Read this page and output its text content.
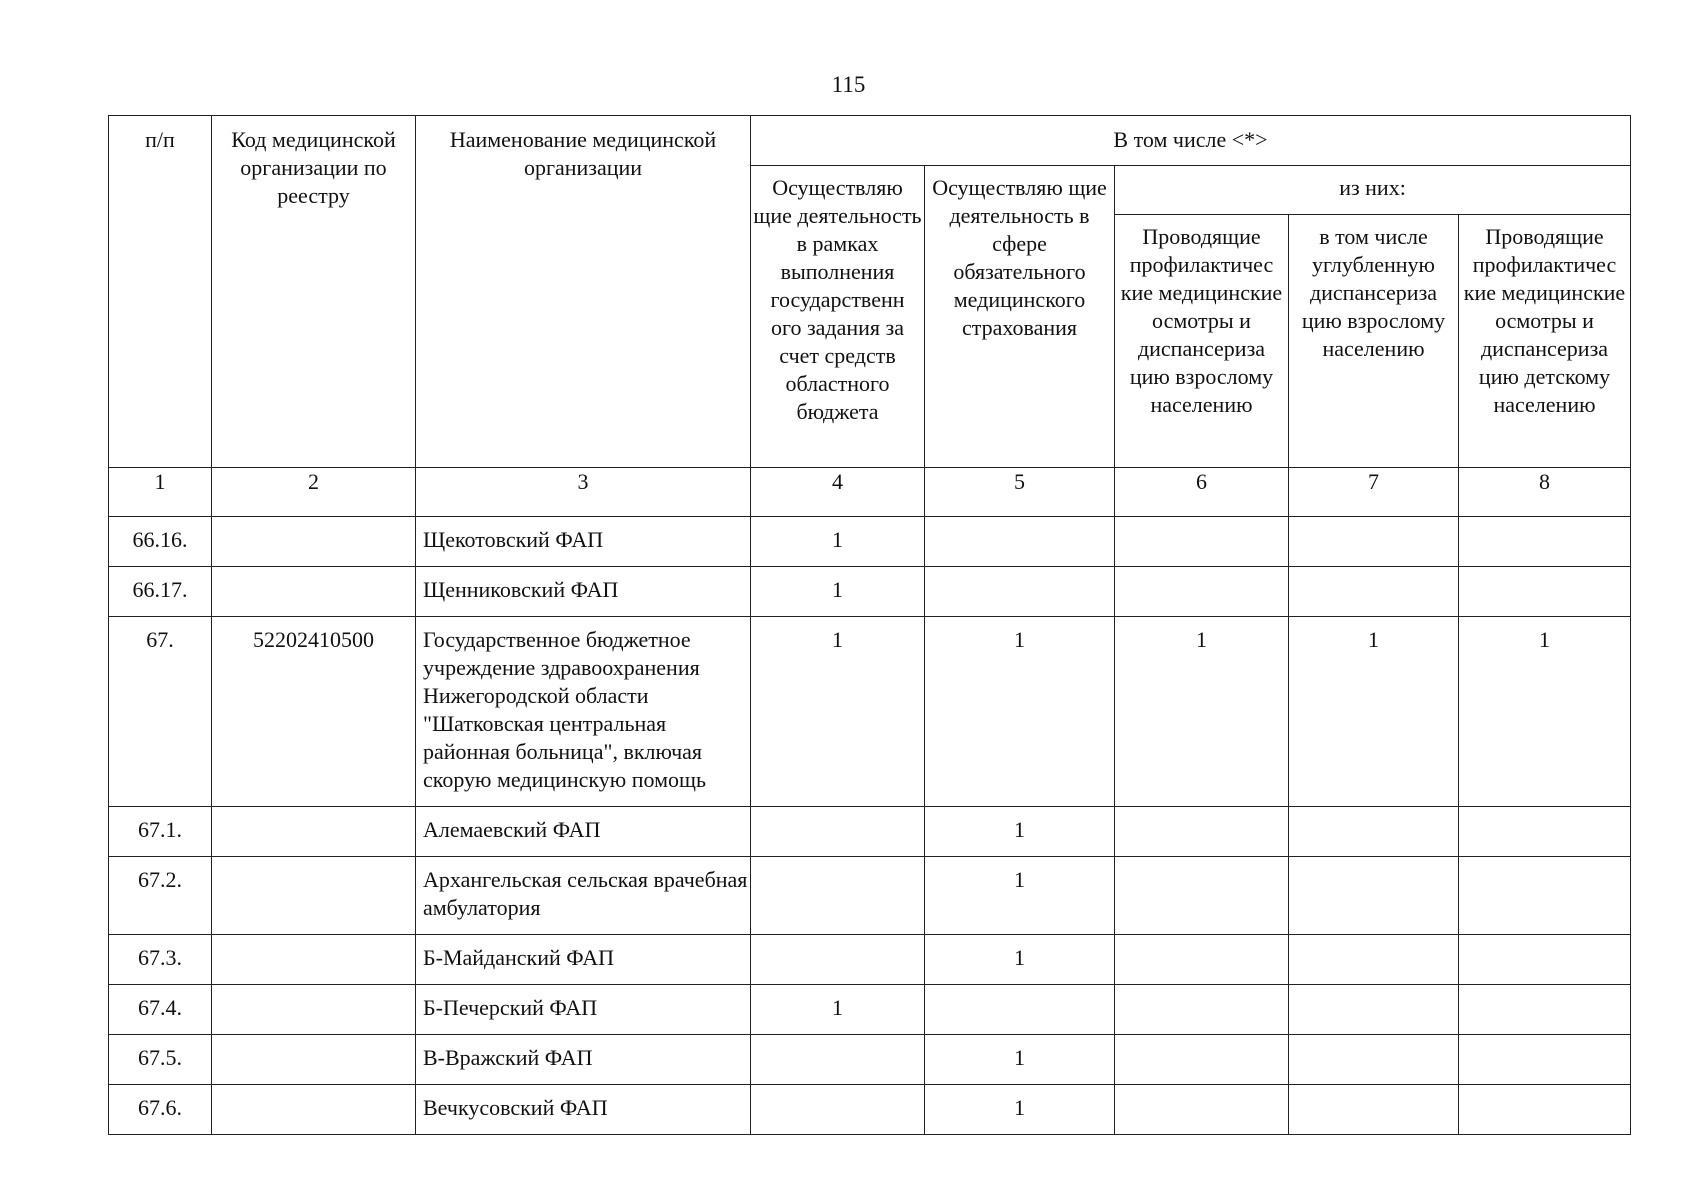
115
п/п	Код медицинской организации по реестру	Наименование медицинской организации	В том числе <*>				
			Осуществляю щие деятельность в рамках выполнения государственн ого задания за счет средств областного бюджета	Осуществляю щие деятельность в сфере обязательного медицинского страхования	из них:		
					Проводящие профилактичес кие медицинские осмотры и диспансериза цию взрослому населению	в том числе углубленную диспансериза цию взрослому населению	Проводящие профилактичес кие медицинские осмотры и диспансериза цию детскому населению
1	2	3	4	5	6	7	8
66.16.		Щекотовский ФАП	1				
66.17.		Щенниковский ФАП	1				
67.	52202410500	Государственное бюджетное учреждение здравоохранения Нижегородской области "Шатковская центральная районная больница", включая скорую медицинскую помощь	1	1	1	1	1
67.1.		Алемаевский ФАП		1			
67.2.		Архангельская сельская врачебная амбулатория		1			
67.3.		Б-Майданский ФАП		1			
67.4.		Б-Печерский ФАП	1				
67.5.		В-Вражский ФАП		1			
67.6.		Вечкусовский ФАП		1			
